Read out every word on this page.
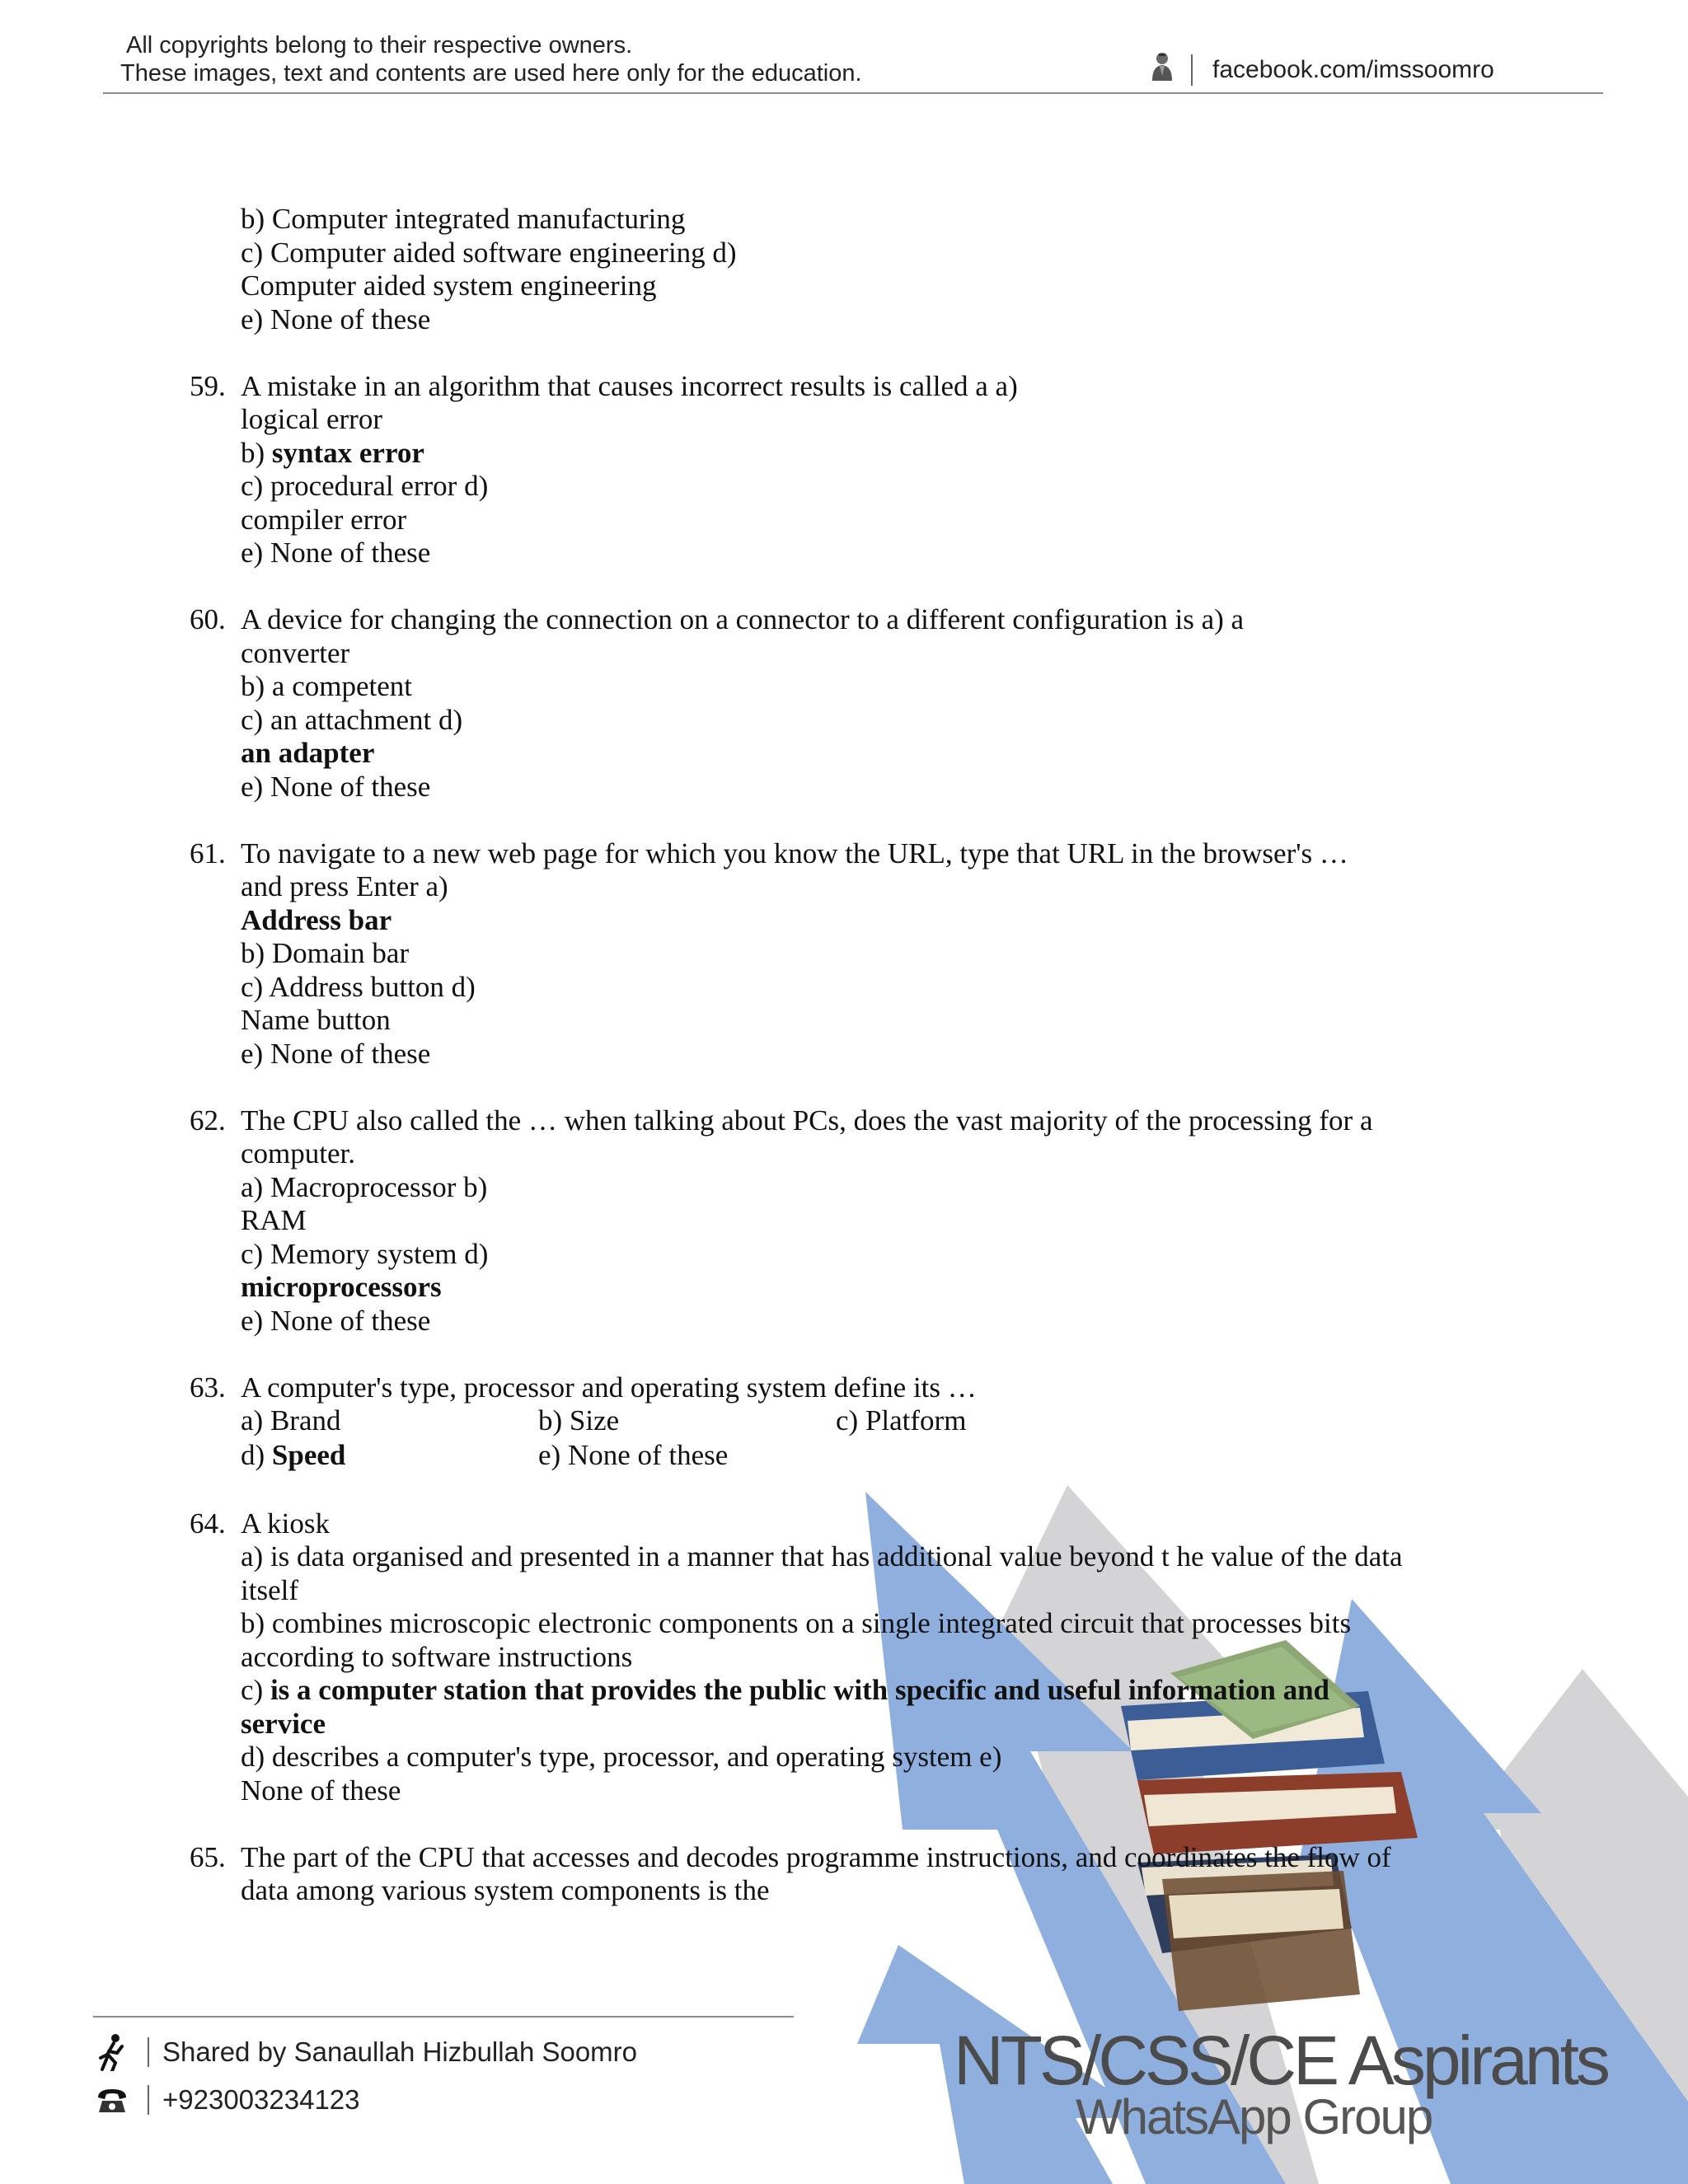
All copyrights belong to their respective owners.
These images, text and contents are used here only for the education.	facebook.com/imssoomro
NTS/CSS/CE Aspirants
WhatsApp Group
b) Computer integrated manufacturing
c) Computer aided software engineering d)
Computer aided system engineering
e) None of these
59. A mistake in an algorithm that causes incorrect results is called a a)
logical error
b) syntax error
c) procedural error d)
compiler error
e) None of these
60. A device for changing the connection on a connector to a different configuration is a) a
converter
b) a competent
c) an attachment d)
an adapter
e) None of these
61. To navigate to a new web page for which you know the URL, type that URL in the browser's …
and press Enter a)
Address bar
b) Domain bar
c) Address button d)
Name button
e) None of these
62. The CPU also called the … when talking about PCs, does the vast majority of the processing for a
computer.
a) Macroprocessor b)
RAM
c) Memory system d)
microprocessors
e) None of these
63. A computer's type, processor and operating system define its …
a) Brand	b) Size	c) Platform
d) Speed	e) None of these
64. A kiosk
a) is data organised and presented in a manner that has additional value beyond t he value of the data
itself
b) combines microscopic electronic components on a single integrated circuit that processes bits
according to software instructions
c) is a computer station that provides the public with specific and useful information and
service
d) describes a computer's type, processor, and operating system e)
None of these
65. The part of the CPU that accesses and decodes programme instructions, and coordinates the flow of
data among various system components is the
Shared by Sanaullah Hizbullah Soomro
+923003234123
